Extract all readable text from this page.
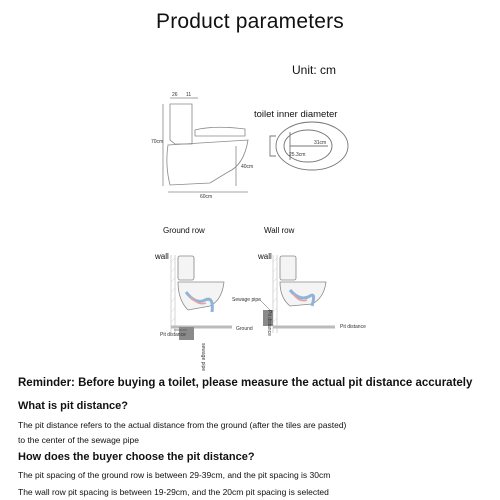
Product parameters
Unit: cm
26 11
70cm
40cm
60cm
toilet inner diameter
31cm
25.3cm
Ground row
wall
Pit distance
Ground
sewage pipe
Wall row
wall
Sewage pipe
Pit distance
Pit distance
Reminder: Before buying a toilet, please measure the actual pit distance accurately
What is pit distance?
The pit distance refers to the actual distance from the ground (after the tiles are pasted)
to the center of the sewage pipe
How does the buyer choose the pit distance?
The pit spacing of the ground row is between 29-39cm, and the pit spacing is 30cm
The wall row pit spacing is between 19-29cm, and the 20cm pit spacing is selected
